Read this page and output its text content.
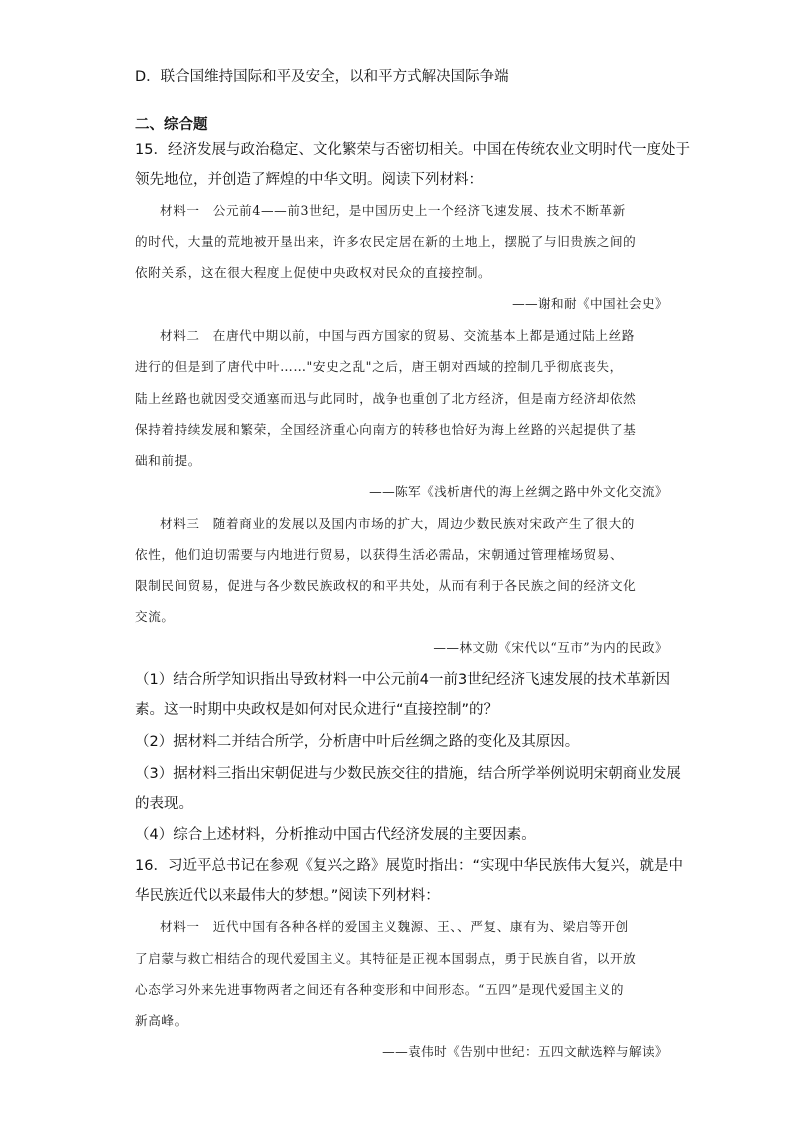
D．联合国维持国际和平及安全，以和平方式解决国际争端
二、综合题
15．经济发展与政治稳定、文化繁荣与否密切相关。中国在传统农业文明时代一度处于
领先地位，并创造了辉煌的中华文明。阅读下列材料：
材料一　公元前4——前3世纪，是中国历史上一个经济飞速发展、技术不断革新
的时代，大量的荒地被开垦出来，许多农民定居在新的土地上，摆脱了与旧贵族之间的
依附关系，这在很大程度上促使中央政权对民众的直接控制。
——谢和耐《中国社会史》
材料二　在唐代中期以前，中国与西方国家的贸易、交流基本上都是通过陆上丝路
进行的但是到了唐代中叶……"安史之乱"之后，唐王朝对西域的控制几乎彻底丧失，
陆上丝路也就因受交通塞而迅与此同时，战争也重创了北方经济，但是南方经济却依然
保持着持续发展和繁荣，全国经济重心向南方的转移也恰好为海上丝路的兴起提供了基
础和前提。
——陈军《浅析唐代的海上丝绸之路中外文化交流》
材料三　随着商业的发展以及国内市场的扩大，周边少数民族对宋政产生了很大的
依性，他们迫切需要与内地进行贸易，以获得生活必需品，宋朝通过管理榷场贸易、
限制民间贸易，促进与各少数民族政权的和平共处，从而有利于各民族之间的经济文化
交流。
——林文勋《宋代以“互市”为内的民政》
（1）结合所学知识指出导致材料一中公元前4一前3世纪经济飞速发展的技术革新因
素。这一时期中央政权是如何对民众进行“直接控制”的？
（2）据材料二并结合所学，分析唐中叶后丝绸之路的变化及其原因。
（3）据材料三指出宋朝促进与少数民族交往的措施，结合所学举例说明宋朝商业发展
的表现。
（4）综合上述材料，分析推动中国古代经济发展的主要因素。
16．习近平总书记在参观《复兴之路》展览时指出：“实现中华民族伟大复兴，就是中
华民族近代以来最伟大的梦想。”阅读下列材料：
材料一　近代中国有各种各样的爱国主义魏源、王、、严复、康有为、梁启等开创
了启蒙与救亡相结合的现代爱国主义。其特征是正视本国弱点，勇于民族自省，以开放
心态学习外来先进事物两者之间还有各种变形和中间形态。“五四”是现代爱国主义的
新高峰。
——袁伟时《告别中世纪：五四文献选粹与解读》
